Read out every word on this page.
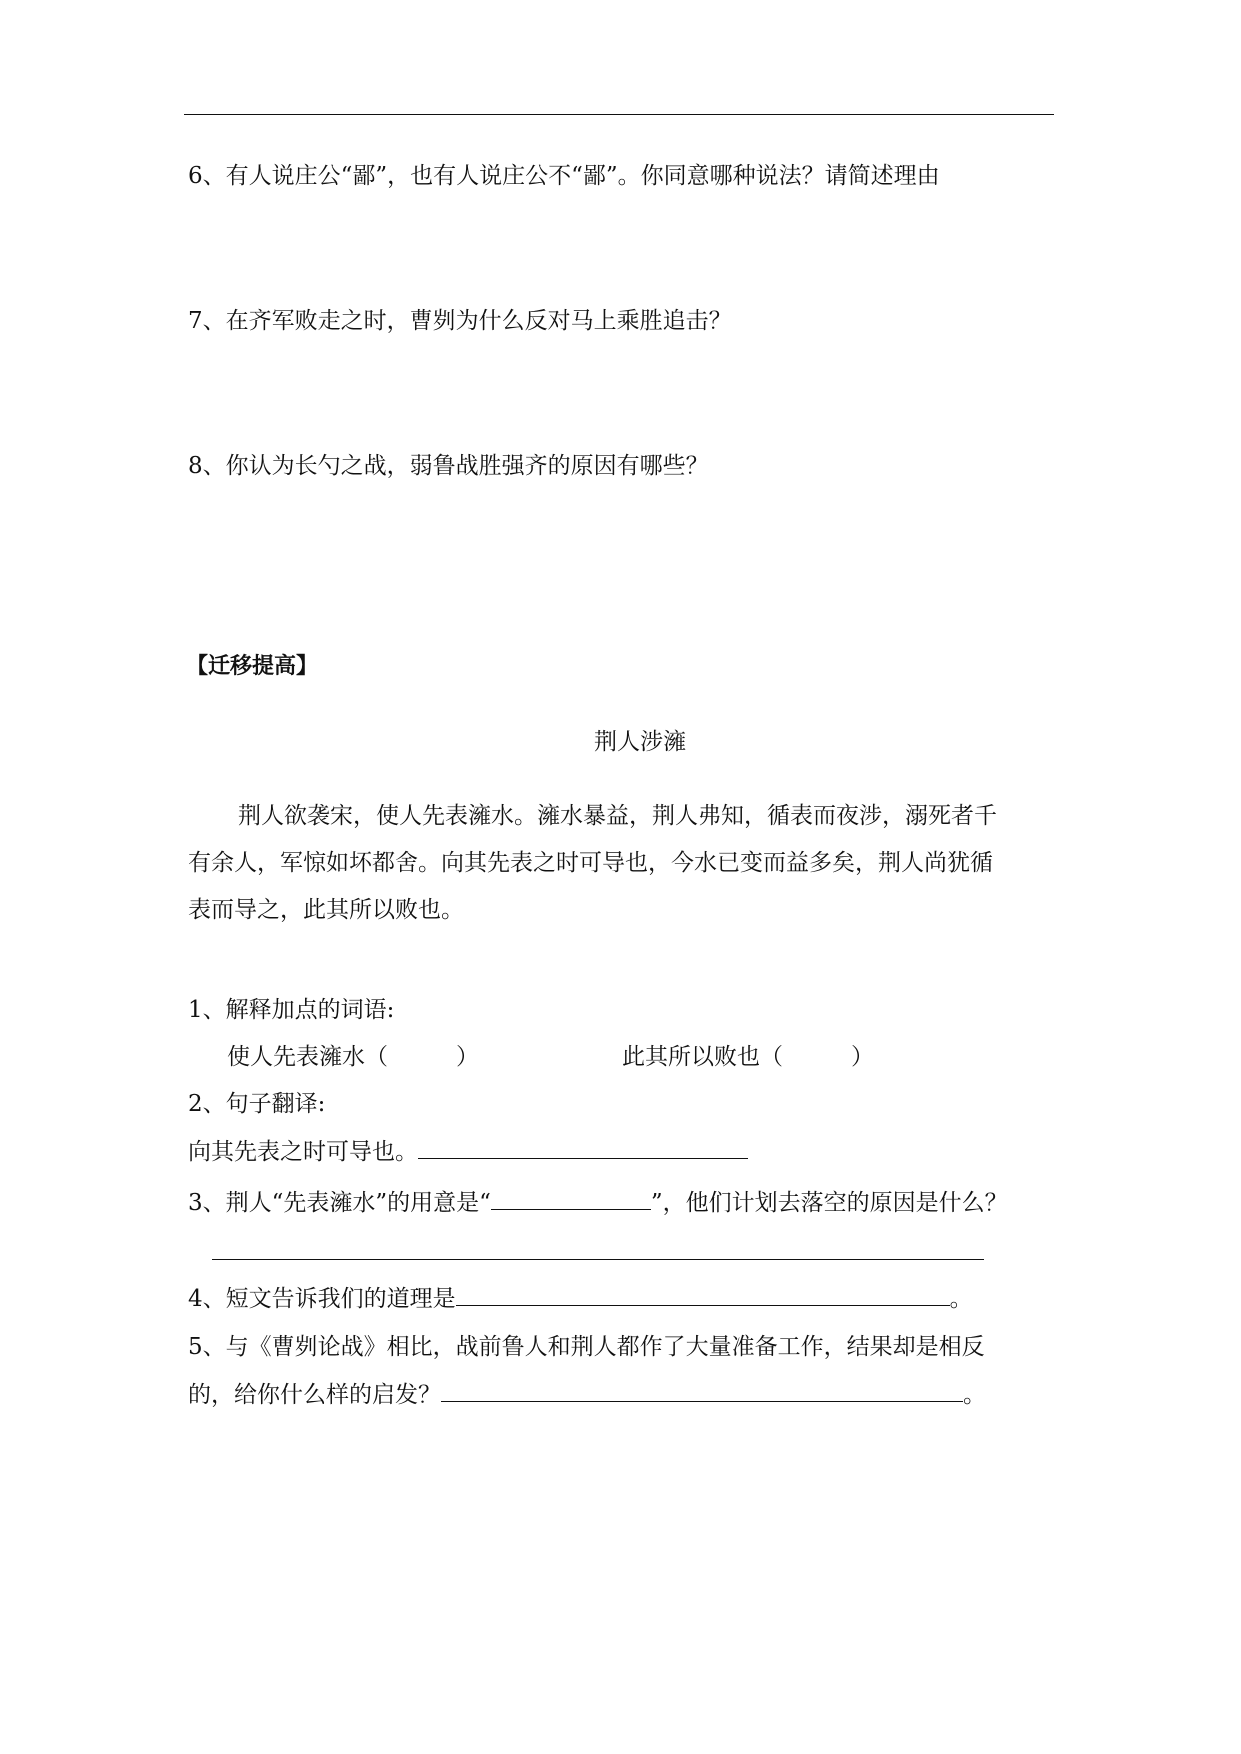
6、有人说庄公“鄙”，也有人说庄公不“鄙”。你同意哪种说法？请简述理由
7、在齐军败走之时，曹刿为什么反对马上乘胜追击？
8、你认为长勺之战，弱鲁战胜强齐的原因有哪些？
【迁移提高】
荆人涉澭
荆人欲袭宋，使人先表澭水。澭水暴益，荆人弗知，循表而夜涉，溺死者千
有余人，军惊如坏都舍。向其先表之时可导也，今水已变而益多矣，荆人尚犹循
表而导之，此其所以败也。
1、解释加点的词语:
使人先表澭水（	）	此其所以败也（	）
2、句子翻译:
向其先表之时可导也。
3、荆人“先表澭水”的用意是“	”，他们计划去落空的原因是什么？
4、短文告诉我们的道理是	。
5、与《曹刿论战》相比，战前鲁人和荆人都作了大量准备工作，结果却是相反
的，给你什么样的启发？	。
